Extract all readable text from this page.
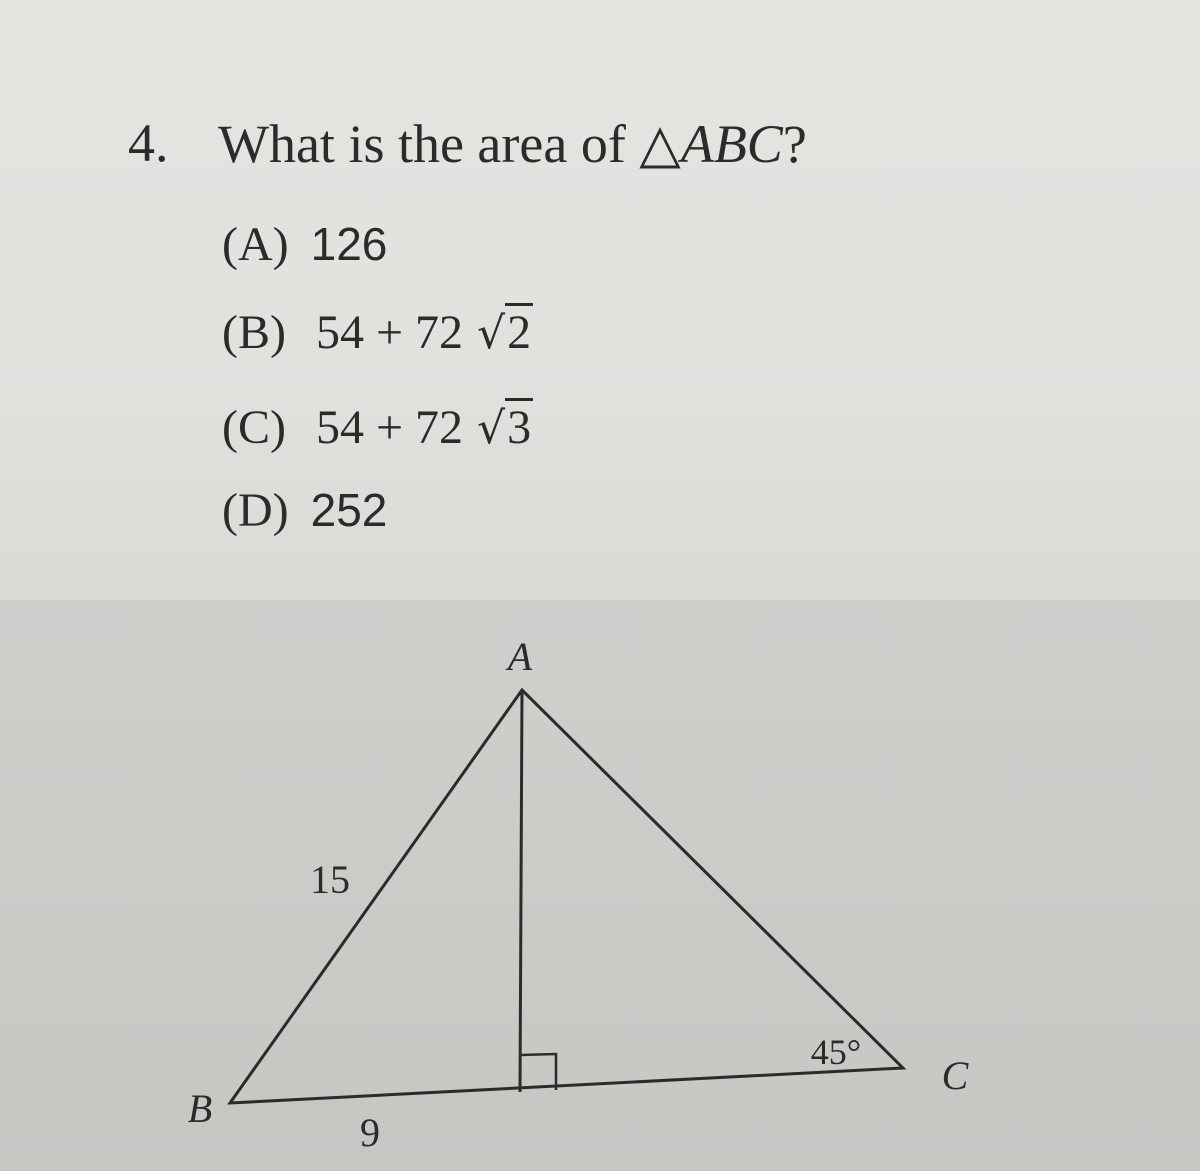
4. What is the area of △ABC?
(A) 126
(B) 54 + 72 √2
(C) 54 + 72 √3
(D) 252
A
B
C
15
9
45°
